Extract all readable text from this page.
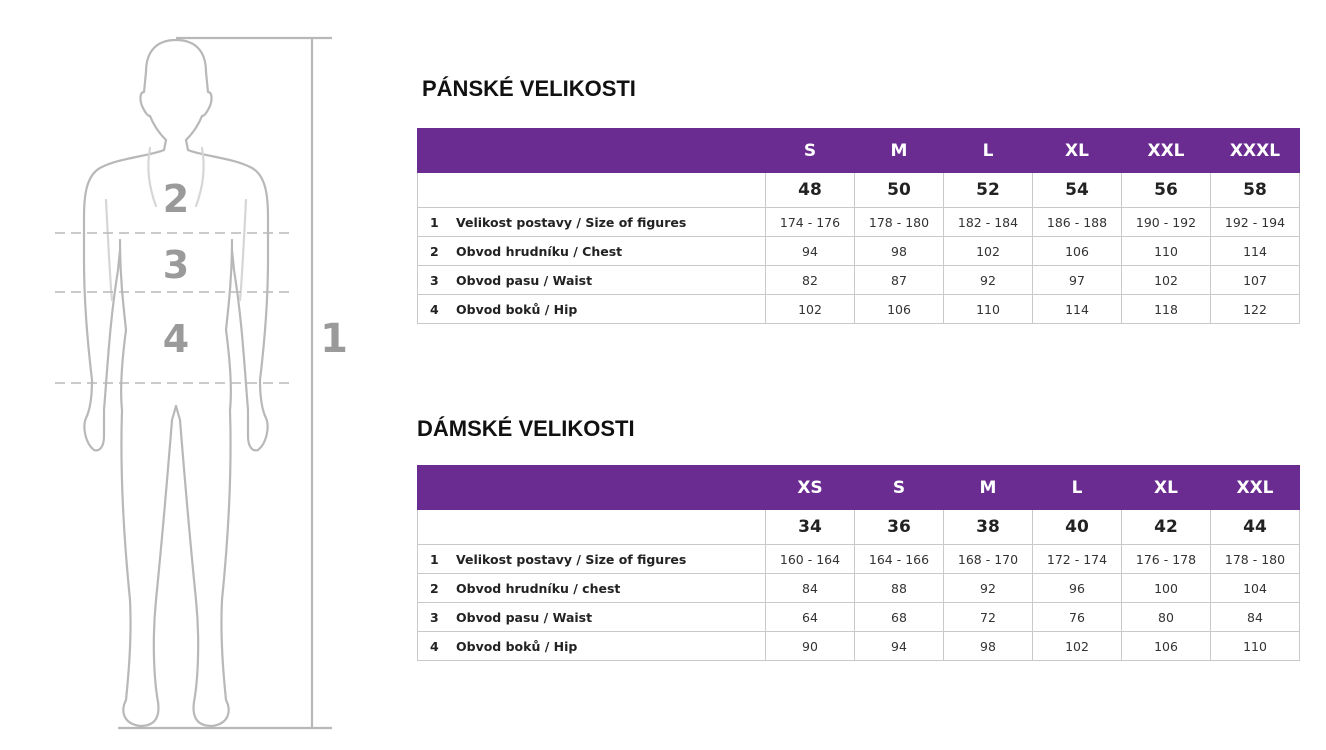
2
3
4	1
PÁNSKÉ VELIKOSTI
	S	M	L	XL	XXL	XXXL
	48	50	52	54	56	58
1 Velikost postavy / Size of figures	174 - 176	178 - 180	182 - 184	186 - 188	190 - 192	192 - 194
2 Obvod hrudníku / Chest	94	98	102	106	110	114
3 Obvod pasu / Waist	82	87	92	97	102	107
4 Obvod boků / Hip	102	106	110	114	118	122
DÁMSKÉ VELIKOSTI
	XS	S	M	L	XL	XXL
	34	36	38	40	42	44
1 Velikost postavy / Size of figures	160 - 164	164 - 166	168 - 170	172 - 174	176 - 178	178 - 180
2 Obvod hrudníku / chest	84	88	92	96	100	104
3 Obvod pasu / Waist	64	68	72	76	80	84
4 Obvod boků / Hip	90	94	98	102	106	110
